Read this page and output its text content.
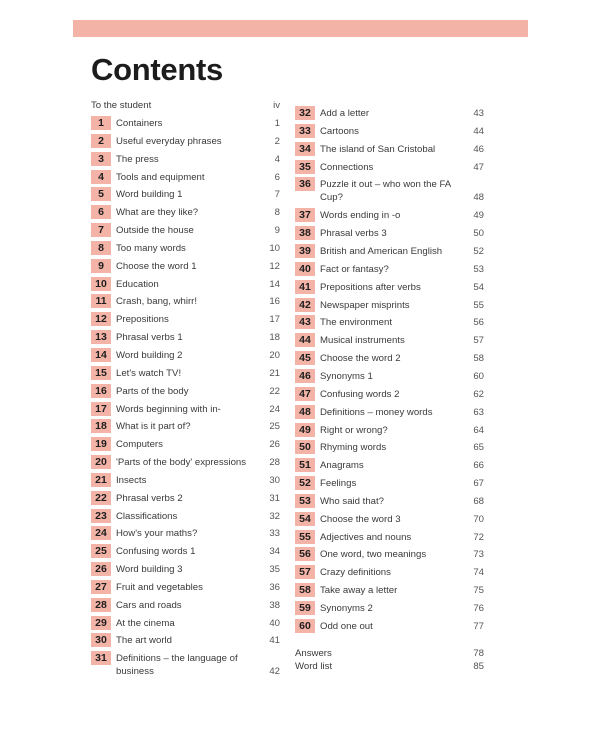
Contents
To the student	iv
1	Containers	1
2	Useful everyday phrases	2
3	The press	4
4	Tools and equipment	6
5	Word building 1	7
6	What are they like?	8
7	Outside the house	9
8	Too many words	10
9	Choose the word 1	12
10 Education	14
11 Crash, bang, whirr!	16
12 Prepositions	17
13 Phrasal verbs 1	18
14 Word building 2	20
15 Let's watch TV!	21
16 Parts of the body	22
17 Words beginning with in-	24
18 What is it part of?	25
19 Computers	26
20 'Parts of the body' expressions	28
21 Insects	30
22 Phrasal verbs 2	31
23 Classifications	32
24 How's your maths?	33
25 Confusing words 1	34
26 Word building 3	35
27 Fruit and vegetables	36
28 Cars and roads	38
29 At the cinema	40
30 The art world	41
31 Definitions – the language of business	42
32 Add a letter	43
33 Cartoons	44
34 The island of San Cristobal	46
35 Connections	47
36 Puzzle it out – who won the FA Cup?	48
37 Words ending in -o	49
38 Phrasal verbs 3	50
39 British and American English	52
40 Fact or fantasy?	53
41 Prepositions after verbs	54
42 Newspaper misprints	55
43 The environment	56
44 Musical instruments	57
45 Choose the word 2	58
46 Synonyms 1	60
47 Confusing words 2	62
48 Definitions – money words	63
49 Right or wrong?	64
50 Rhyming words	65
51 Anagrams	66
52 Feelings	67
53 Who said that?	68
54 Choose the word 3	70
55 Adjectives and nouns	72
56 One word, two meanings	73
57 Crazy definitions	74
58 Take away a letter	75
59 Synonyms 2	76
60 Odd one out	77
Answers	78
Word list	85
